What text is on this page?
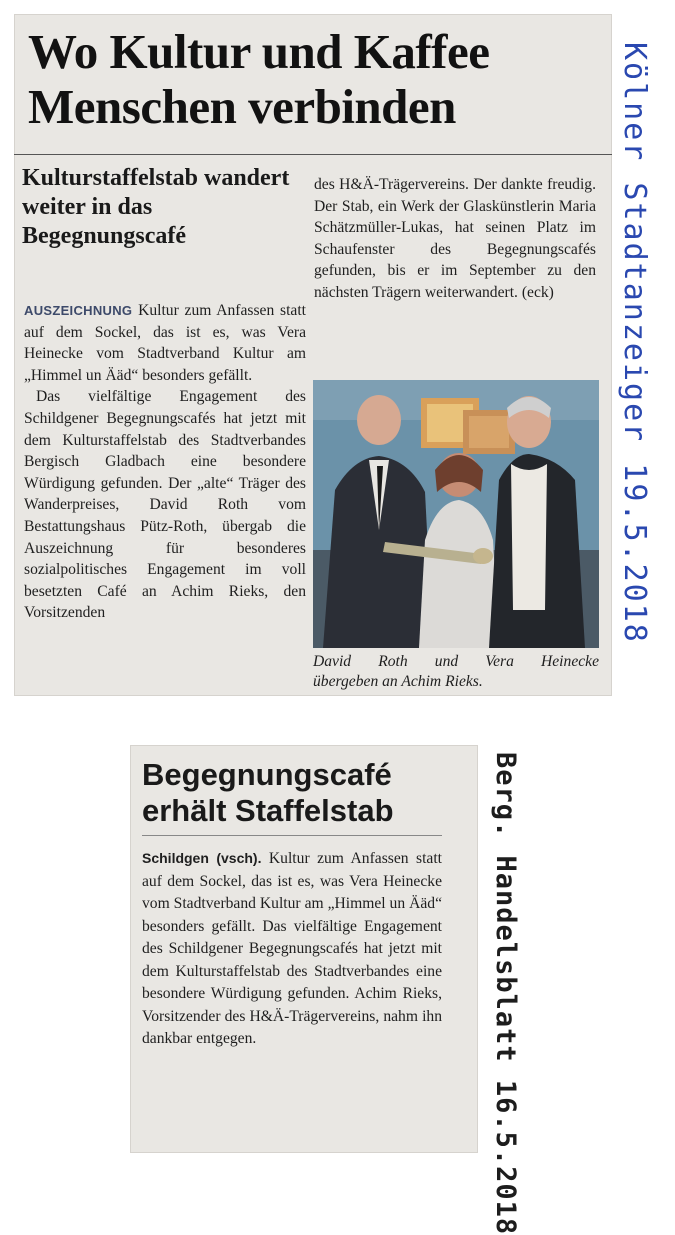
Wo Kultur und Kaffee Menschen verbinden
Kulturstaffelstab wandert weiter in das Begegnungscafé

AUSZEICHNUNG Kultur zum Anfassen statt auf dem Sockel, das ist es, was Vera Heinecke vom Stadtverband Kultur am „Himmel un Ääd“ besonders gefällt.

Das vielfältige Engagement des Schildgener Begegnungscafés hat jetzt mit dem Kulturstaffelstab des Stadtverbandes Bergisch Gladbach eine besondere Würdigung gefunden. Der „alte“ Träger des Wanderpreises, David Roth vom Bestattungshaus Pütz-Roth, übergab die Auszeichnung für besonderes sozialpolitisches Engagement im voll besetzten Café an Achim Rieks, den Vorsitzenden

des H&Ä-Trägervereins. Der dankte freudig. Der Stab, ein Werk der Glaskünstlerin Maria Schätzmüller-Lukas, hat seinen Platz im Schaufenster des Begegnungscafés gefunden, bis er im September zu den nächsten Trägern weiterwandert. (eck)

David Roth und Vera Heinecke
übergeben an Achim Rieks.
Kölner Stadtanzeiger 19.5.2018
Begegnungscafé erhält Staffelstab

Schildgen (vsch). Kultur zum Anfassen statt auf dem Sockel, das ist es, was Vera Heinecke vom Stadtverband Kultur am „Himmel un Ääd“ besonders gefällt. Das vielfältige Engagement des Schildgener Begegnungscafés hat jetzt mit dem Kulturstaffelstab des Stadtverbandes eine besondere Würdigung gefunden. Achim Rieks, Vorsitzender des H&Ä-Trägervereins, nahm ihn dankbar entgegen.	Berg. Handelsblatt 16.5.2018
